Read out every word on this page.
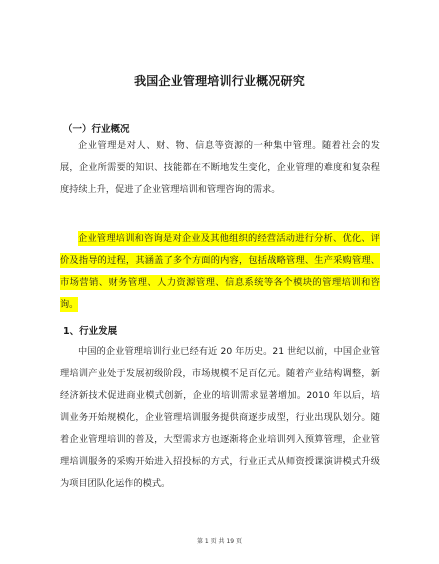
我国企业管理培训行业概况研究
（一）行业概况
企业管理是对人、财、物、信息等资源的一种集中管理。随着社会的发展，企业所需要的知识、技能都在不断地发生变化，企业管理的难度和复杂程度持续上升，促进了企业管理培训和管理咨询的需求。
企业管理培训和咨询是对企业及其他组织的经营活动进行分析、优化、评价及指导的过程，其涵盖了多个方面的内容，包括战略管理、生产采购管理、市场营销、财务管理、人力资源管理、信息系统等各个模块的管理培训和咨询。
1、行业发展
中国的企业管理培训行业已经有近 20 年历史。21 世纪以前，中国企业管理培训产业处于发展初级阶段，市场规模不足百亿元。随着产业结构调整，新经济新技术促进商业模式创新，企业的培训需求显著增加。2010 年以后，培训业务开始规模化，企业管理培训服务提供商逐步成型，行业出现队划分。随着企业管理培训的普及，大型需求方也逐渐将企业培训列入预算管理，企业管理培训服务的采购开始进入招投标的方式，行业正式从师资授课演讲模式升级为项目团队化运作的模式。
第 1 页 共 19 页
